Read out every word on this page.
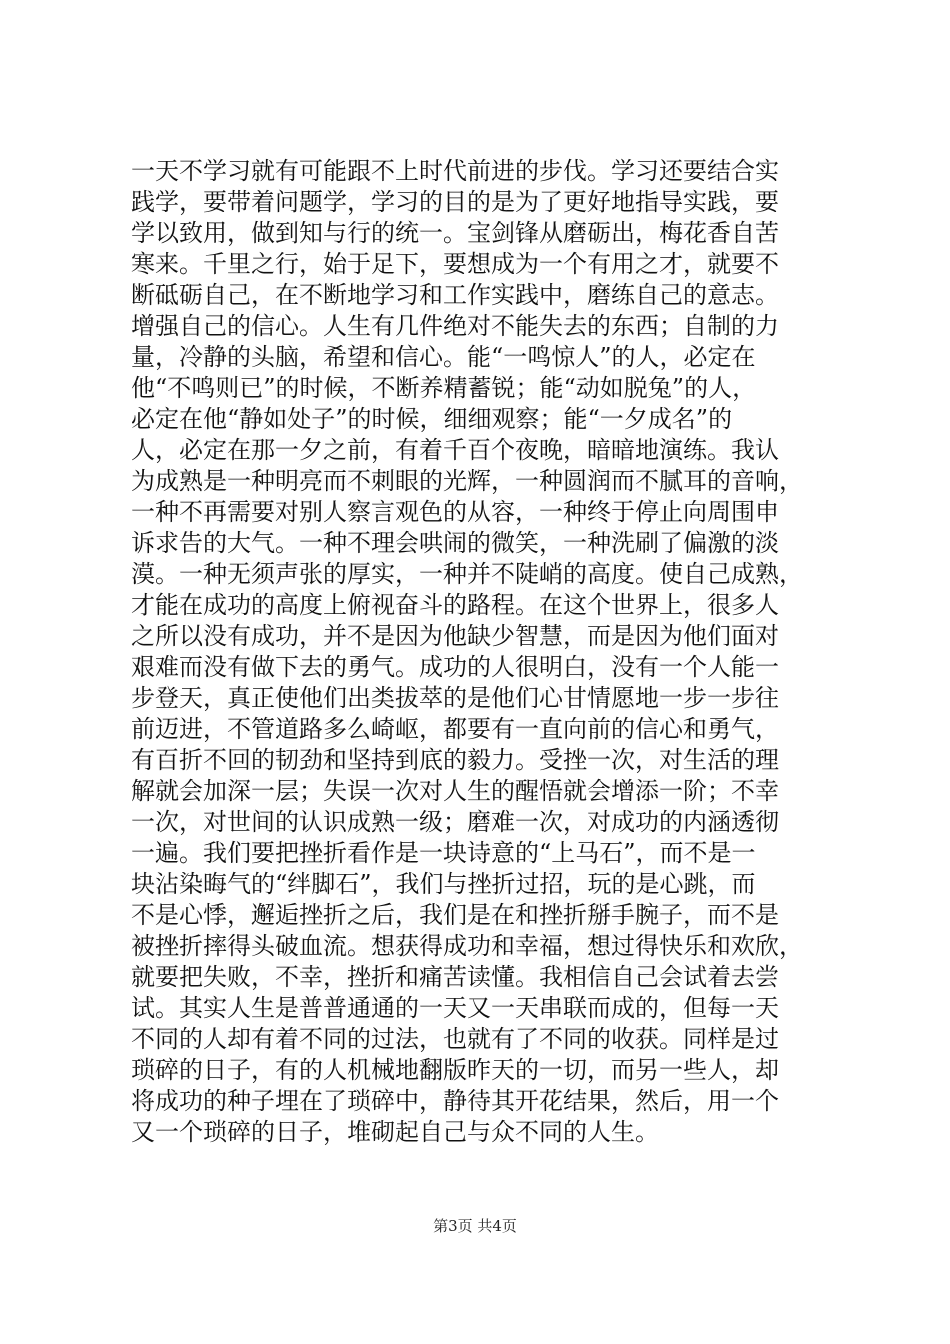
一天不学习就有可能跟不上时代前进的步伐。学习还要结合实
践学，要带着问题学，学习的目的是为了更好地指导实践，要
学以致用，做到知与行的统一。宝剑锋从磨砺出，梅花香自苦
寒来。千里之行，始于足下，要想成为一个有用之才，就要不
断砥砺自己，在不断地学习和工作实践中，磨练自己的意志。
增强自己的信心。人生有几件绝对不能失去的东西；自制的力
量，冷静的头脑，希望和信心。能“一鸣惊人”的人，必定在
他“不鸣则已”的时候，不断养精蓄锐；能“动如脱兔”的人，
必定在他“静如处子”的时候，细细观察；能“一夕成名”的
人，必定在那一夕之前，有着千百个夜晚，暗暗地演练。我认
为成熟是一种明亮而不刺眼的光辉，一种圆润而不腻耳的音响，
一种不再需要对别人察言观色的从容，一种终于停止向周围申
诉求告的大气。一种不理会哄闹的微笑，一种洗刷了偏激的淡
漠。一种无须声张的厚实，一种并不陡峭的高度。使自己成熟，
才能在成功的高度上俯视奋斗的路程。在这个世界上，很多人
之所以没有成功，并不是因为他缺少智慧，而是因为他们面对
艰难而没有做下去的勇气。成功的人很明白，没有一个人能一
步登天，真正使他们出类拔萃的是他们心甘情愿地一步一步往
前迈进，不管道路多么崎岖，都要有一直向前的信心和勇气，
有百折不回的韧劲和坚持到底的毅力。受挫一次，对生活的理
解就会加深一层；失误一次对人生的醒悟就会增添一阶；不幸
一次，对世间的认识成熟一级；磨难一次，对成功的内涵透彻
一遍。我们要把挫折看作是一块诗意的“上马石”，而不是一
块沾染晦气的“绊脚石”，我们与挫折过招，玩的是心跳，而
不是心悸，邂逅挫折之后，我们是在和挫折掰手腕子，而不是
被挫折摔得头破血流。想获得成功和幸福，想过得快乐和欢欣，
就要把失败，不幸，挫折和痛苦读懂。我相信自己会试着去尝
试。其实人生是普普通通的一天又一天串联而成的，但每一天
不同的人却有着不同的过法，也就有了不同的收获。同样是过
琐碎的日子，有的人机械地翻版昨天的一切，而另一些人，却
将成功的种子埋在了琐碎中，静待其开花结果，然后，用一个
又一个琐碎的日子，堆砌起自己与众不同的人生。
第3页 共4页
